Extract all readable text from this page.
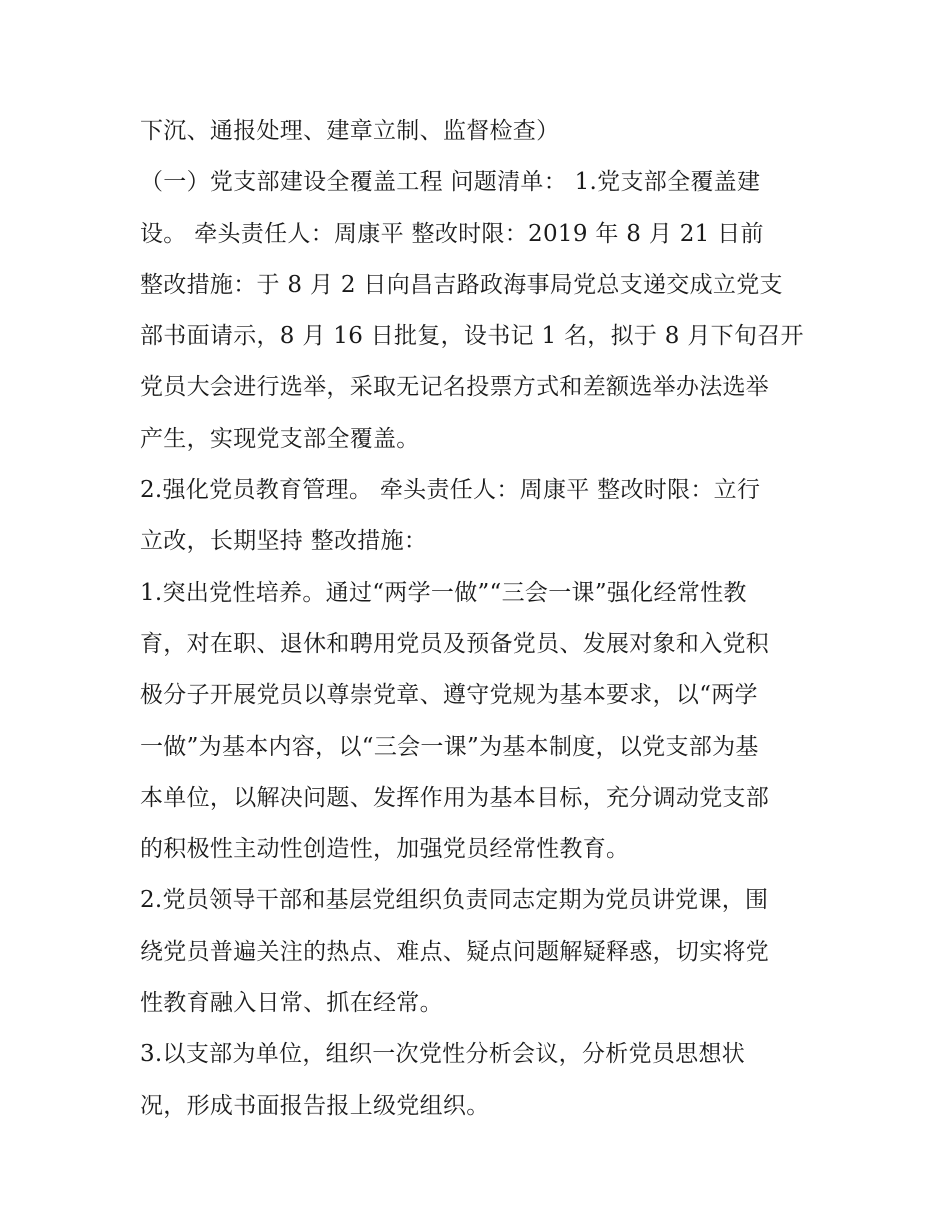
下沉、通报处理、建章立制、监督检查）
（一）党支部建设全覆盖工程 问题清单： 1.党支部全覆盖建
设。 牵头责任人：周康平 整改时限：2019 年 8 月 21 日前
整改措施：于 8 月 2 日向昌吉路政海事局党总支递交成立党支
部书面请示，8 月 16 日批复，设书记 1 名，拟于 8 月下旬召开
党员大会进行选举，采取无记名投票方式和差额选举办法选举
产生，实现党支部全覆盖。
2.强化党员教育管理。 牵头责任人：周康平 整改时限：立行
立改，长期坚持 整改措施：
1.突出党性培养。通过“两学一做”“三会一课”强化经常性教
育，对在职、退休和聘用党员及预备党员、发展对象和入党积
极分子开展党员以尊崇党章、遵守党规为基本要求，以“两学
一做”为基本内容，以“三会一课”为基本制度，以党支部为基
本单位，以解决问题、发挥作用为基本目标，充分调动党支部
的积极性主动性创造性，加强党员经常性教育。
2.党员领导干部和基层党组织负责同志定期为党员讲党课，围
绕党员普遍关注的热点、难点、疑点问题解疑释惑，切实将党
性教育融入日常、抓在经常。
3.以支部为单位，组织一次党性分析会议，分析党员思想状
况，形成书面报告报上级党组织。
